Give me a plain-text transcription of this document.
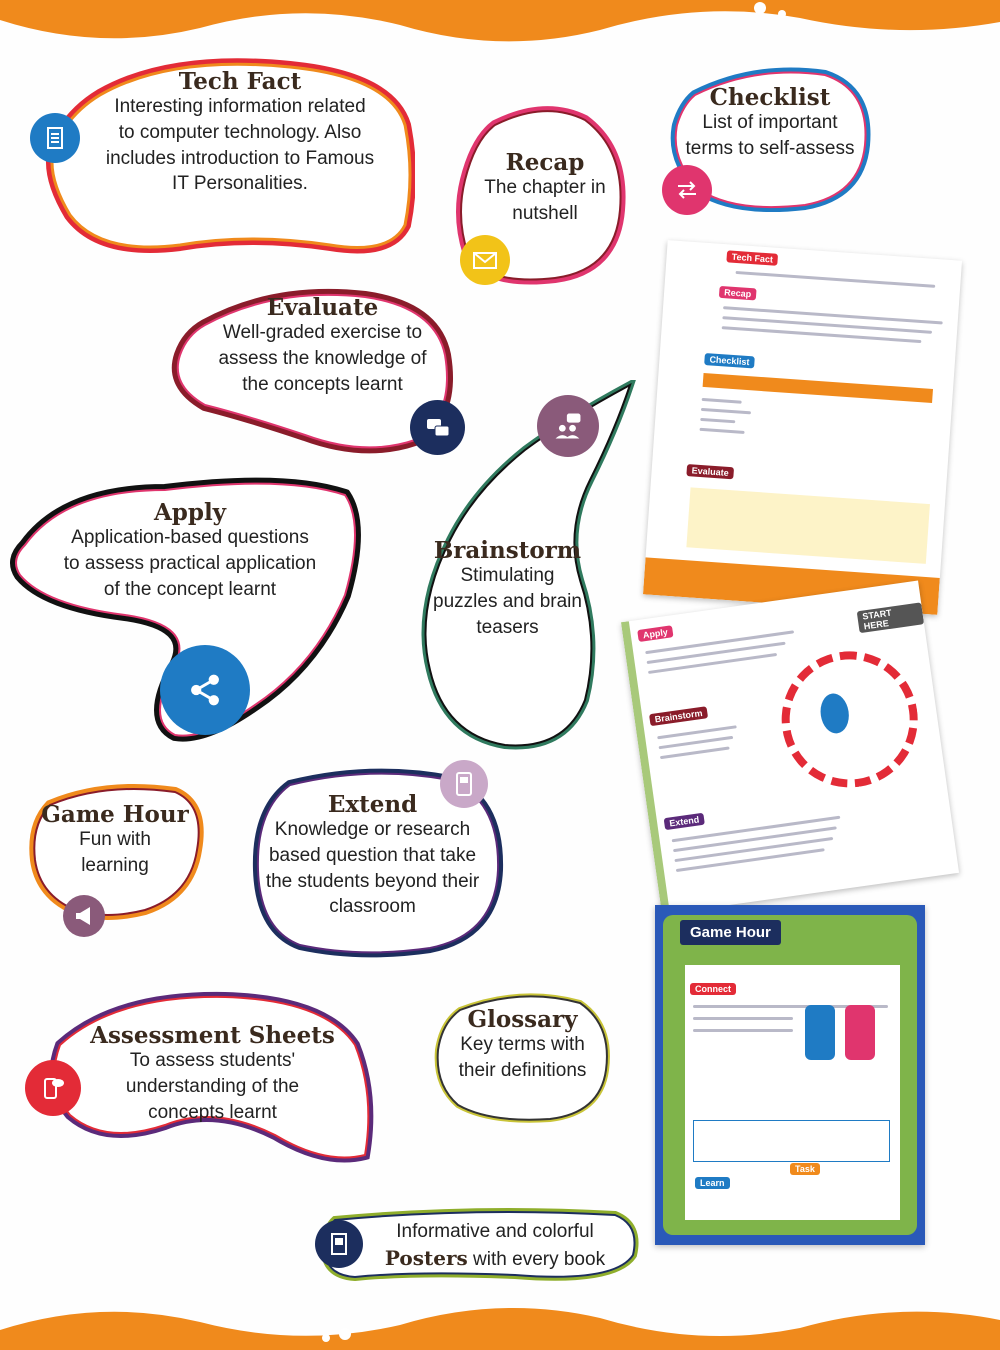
Tech Fact
Interesting information related
to computer technology. Also
includes introduction to Famous
IT Personalities.
Recap
The chapter in
nutshell
Checklist
List of important
terms to self-assess
Evaluate
Well-graded exercise to
assess the knowledge of
the concepts learnt
Apply
Application-based questions
to assess practical application
of the concept learnt
Brainstorm
Stimulating
puzzles and brain
teasers
Game Hour
Fun with
learning
Extend
Knowledge or research
based question that take
the students beyond their
classroom
Assessment Sheets
To assess students'
understanding of the
concepts learnt
Glossary
Key terms with
their definitions
Informative and colorful
Posters with every book
Tech Fact
Recap
Checklist
Evaluate
Apply
START HERE
Brainstorm
Extend
Game Hour
Connect
Learn
Task
